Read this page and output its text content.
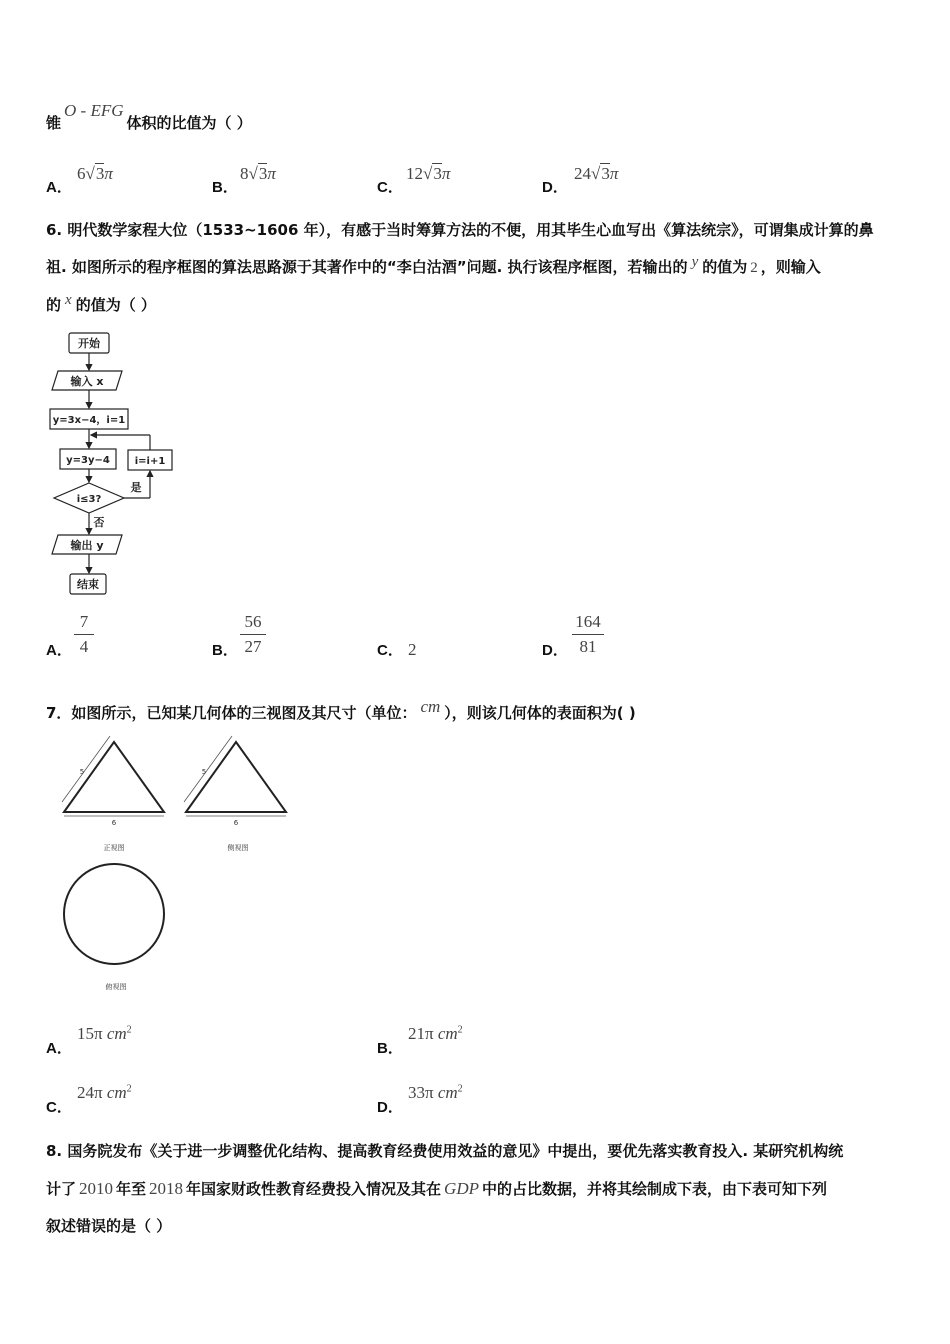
锥O - EFG体积的比值为（ ）
A．
6√3π
B．
8√3π
C．
12√3π
D．
24√3π
6. 明代数学家程大位（1533~1606 年），有感于当时筹算方法的不便，用其毕生心血写出《算法统宗》，可谓集成计算的鼻
祖. 如图所示的程序框图的算法思路源于其著作中的“李白沽酒”问题. 执行该程序框图，若输出的 y 的值为 2 ，则输入
的 x 的值为（ ）
开始
输入 x
y=3x−4，i=1
y=3y−4 i=i+1
i≤3?
是
否
输出 y
结束
A． $\frac{7}{4}$	B． $\frac{56}{27}$	C． 2	D． $\frac{164}{81}$
7．如图所示，已知某几何体的三视图及其尺寸（单位： cm ），则该几何体的表面积为( )
5
6
正视图
5
6
侧视图
俯视图
A．
15π $cm^2$
B．
21π $cm^2$
C．
24π $cm^2$
D．
33π $cm^2$
8. 国务院发布《关于进一步调整优化结构、提高教育经费使用效益的意见》中提出，要优先落实教育投入. 某研究机构统
计了 2010 年至 2018 年国家财政性教育经费投入情况及其在 GDP 中的占比数据，并将其绘制成下表，由下表可知下列
叙述错误的是（ ）
